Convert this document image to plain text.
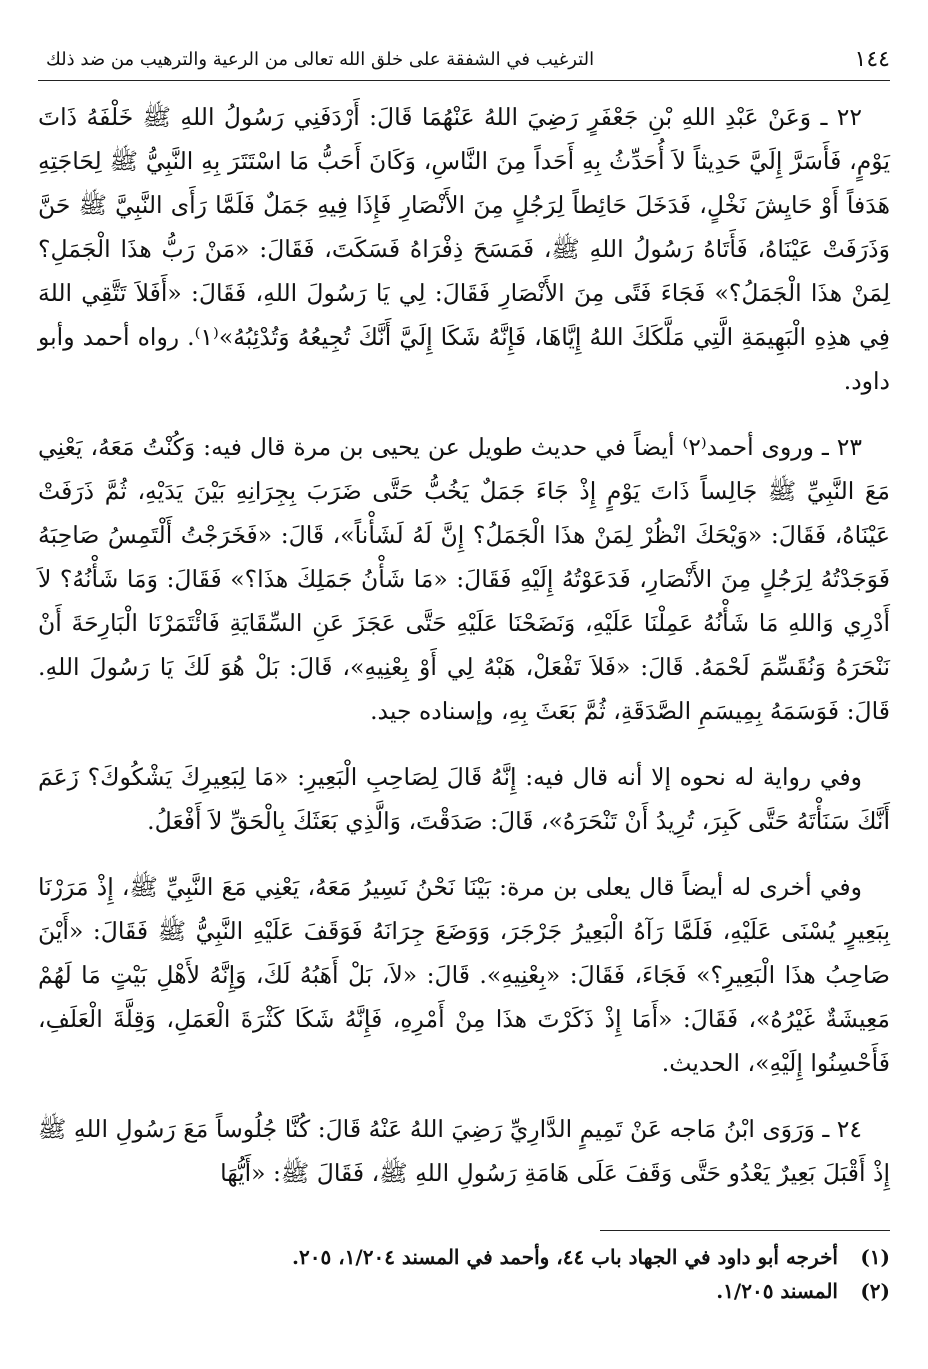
١٤٤
الترغيب في الشفقة على خلق الله تعالى من الرعية والترهيب من ضد ذلك

٢٢ ـ وَعَنْ عَبْدِ اللهِ بْنِ جَعْفَرٍ رَضِيَ اللهُ عَنْهُمَا قَالَ: أَرْدَفَنِي رَسُولُ اللهِ ﷺ خَلْفَهُ ذَاتَ يَوْمٍ، فَأَسَرَّ إِلَيَّ حَدِيثاً لاَ أُحَدِّثُ بِهِ أَحَداً مِنَ النَّاسِ، وَكَانَ أَحَبُّ مَا اسْتَتَرَ بِهِ النَّبِيُّ ﷺ لِحَاجَتِهِ هَدَفاً أَوْ حَايِشَ نَخْلٍ، فَدَخَلَ حَائِطاً لِرَجُلٍ مِنَ الأَنْصَارِ فَإِذَا فِيهِ جَمَلٌ فَلَمَّا رَأَى النَّبِيَّ ﷺ حَنَّ وَذَرَفَتْ عَيْنَاهُ، فَأَتَاهُ رَسُولُ اللهِ ﷺ، فَمَسَحَ ذِفْرَاهُ فَسَكَتَ، فَقَالَ: «مَنْ رَبُّ هذَا الْجَمَلِ؟ لِمَنْ هذَا الْجَمَلُ؟» فَجَاءَ فَتًى مِنَ الأَنْصَارِ فَقَالَ: لِي يَا رَسُولَ اللهِ، فَقَالَ: «أَفَلاَ تَتَّقِي اللهَ فِي هذِهِ الْبَهِيمَةِ الَّتِي مَلَّكَكَ اللهُ إِيَّاهَا، فَإِنَّهُ شَكَا إِلَيَّ أَنَّكَ تُجِيعُهُ وَتُدْئِبُهُ»⁽١⁾. رواه أحمد وأبو داود.

٢٣ ـ وروى أحمد⁽٢⁾ أيضاً في حديث طويل عن يحيى بن مرة قال فيه: وَكُنْتُ مَعَهُ، يَعْنِي مَعَ النَّبِيِّ ﷺ جَالِساً ذَاتَ يَوْمٍ إِذْ جَاءَ جَمَلٌ يَخُبُّ حَتَّى ضَرَبَ بِجِرَانِهِ بَيْنَ يَدَيْهِ، ثُمَّ ذَرَفَتْ عَيْنَاهُ، فَقَالَ: «وَيْحَكَ انْظُرْ لِمَنْ هذَا الْجَمَلُ؟ إِنَّ لَهُ لَشَأْناً»، قَالَ: «فَخَرَجْتُ أَلْتَمِسُ صَاحِبَهُ فَوَجَدْتُهُ لِرَجُلٍ مِنَ الأَنْصَارِ، فَدَعَوْتُهُ إِلَيْهِ فَقَالَ: «مَا شَأْنُ جَمَلِكَ هذَا؟» فَقَالَ: وَمَا شَأْنُهُ؟ لاَ أَدْرِي وَاللهِ مَا شَأْنُهُ عَمِلْنَا عَلَيْهِ، وَنَضَحْنَا عَلَيْهِ حَتَّى عَجَزَ عَنِ السِّقَايَةِ فَائْتَمَرْنَا الْبَارِحَةَ أَنْ نَنْحَرَهُ وَنُقَسِّمَ لَحْمَهُ. قَالَ: «فَلاَ تَفْعَلْ، هَبْهُ لِي أَوْ بِعْنِيهِ»، قَالَ: بَلْ هُوَ لَكَ يَا رَسُولَ اللهِ. قَالَ: فَوَسَمَهُ بِمِيسَمِ الصَّدَقَةِ، ثُمَّ بَعَثَ بِهِ، وإسناده جيد.

وفي رواية له نحوه إلا أنه قال فيه: إِنَّهُ قَالَ لِصَاحِبِ الْبَعِيرِ: «مَا لِبَعِيرِكَ يَشْكُوكَ؟ زَعَمَ أَنَّكَ سَنَأْتَهُ حَتَّى كَبِرَ، تُرِيدُ أَنْ تَنْحَرَهُ»، قَالَ: صَدَقْتَ، وَالَّذِي بَعَثَكَ بِالْحَقِّ لاَ أَفْعَلُ.

وفي أخرى له أيضاً قال يعلى بن مرة: بَيْنَا نَحْنُ نَسِيرُ مَعَهُ، يَعْنِي مَعَ النَّبِيِّ ﷺ، إِذْ مَرَرْنَا بِبَعِيرٍ يُسْنَى عَلَيْهِ، فَلَمَّا رَآهُ الْبَعِيرُ جَرْجَرَ، وَوَضَعَ جِرَانَهُ فَوَقَفَ عَلَيْهِ النَّبِيُّ ﷺ فَقَالَ: «أَيْنَ صَاحِبُ هذَا الْبَعِيرِ؟» فَجَاءَ، فَقَالَ: «بِعْنِيهِ». قَالَ: «لاَ، بَلْ أَهَبُهُ لَكَ، وَإِنَّهُ لأَهْلِ بَيْتٍ مَا لَهُمْ مَعِيشَةٌ غَيْرُهُ»، فَقَالَ: «أَمَا إِذْ ذَكَرْتَ هذَا مِنْ أَمْرِهِ، فَإِنَّهُ شَكَا كَثْرَةَ الْعَمَلِ، وَقِلَّةَ الْعَلَفِ، فَأَحْسِنُوا إِلَيْهِ»، الحديث.

٢٤ ـ وَرَوَى ابْنُ مَاجه عَنْ تَمِيمٍ الدَّارِيِّ رَضِيَ اللهُ عَنْهُ قَالَ: كُنَّا جُلُوساً مَعَ رَسُولِ اللهِ ﷺ إِذْ أَقْبَلَ بَعِيرٌ يَعْدُو حَتَّى وَقَفَ عَلَى هَامَةِ رَسُولِ اللهِ ﷺ، فَقَالَ ﷺ: «أَيُّهَا

(١)
أخرجه أبو داود في الجهاد باب ٤٤، وأحمد في المسند ١/٢٠٤، ٢٠٥.
(٢)
المسند ١/٢٠٥.
